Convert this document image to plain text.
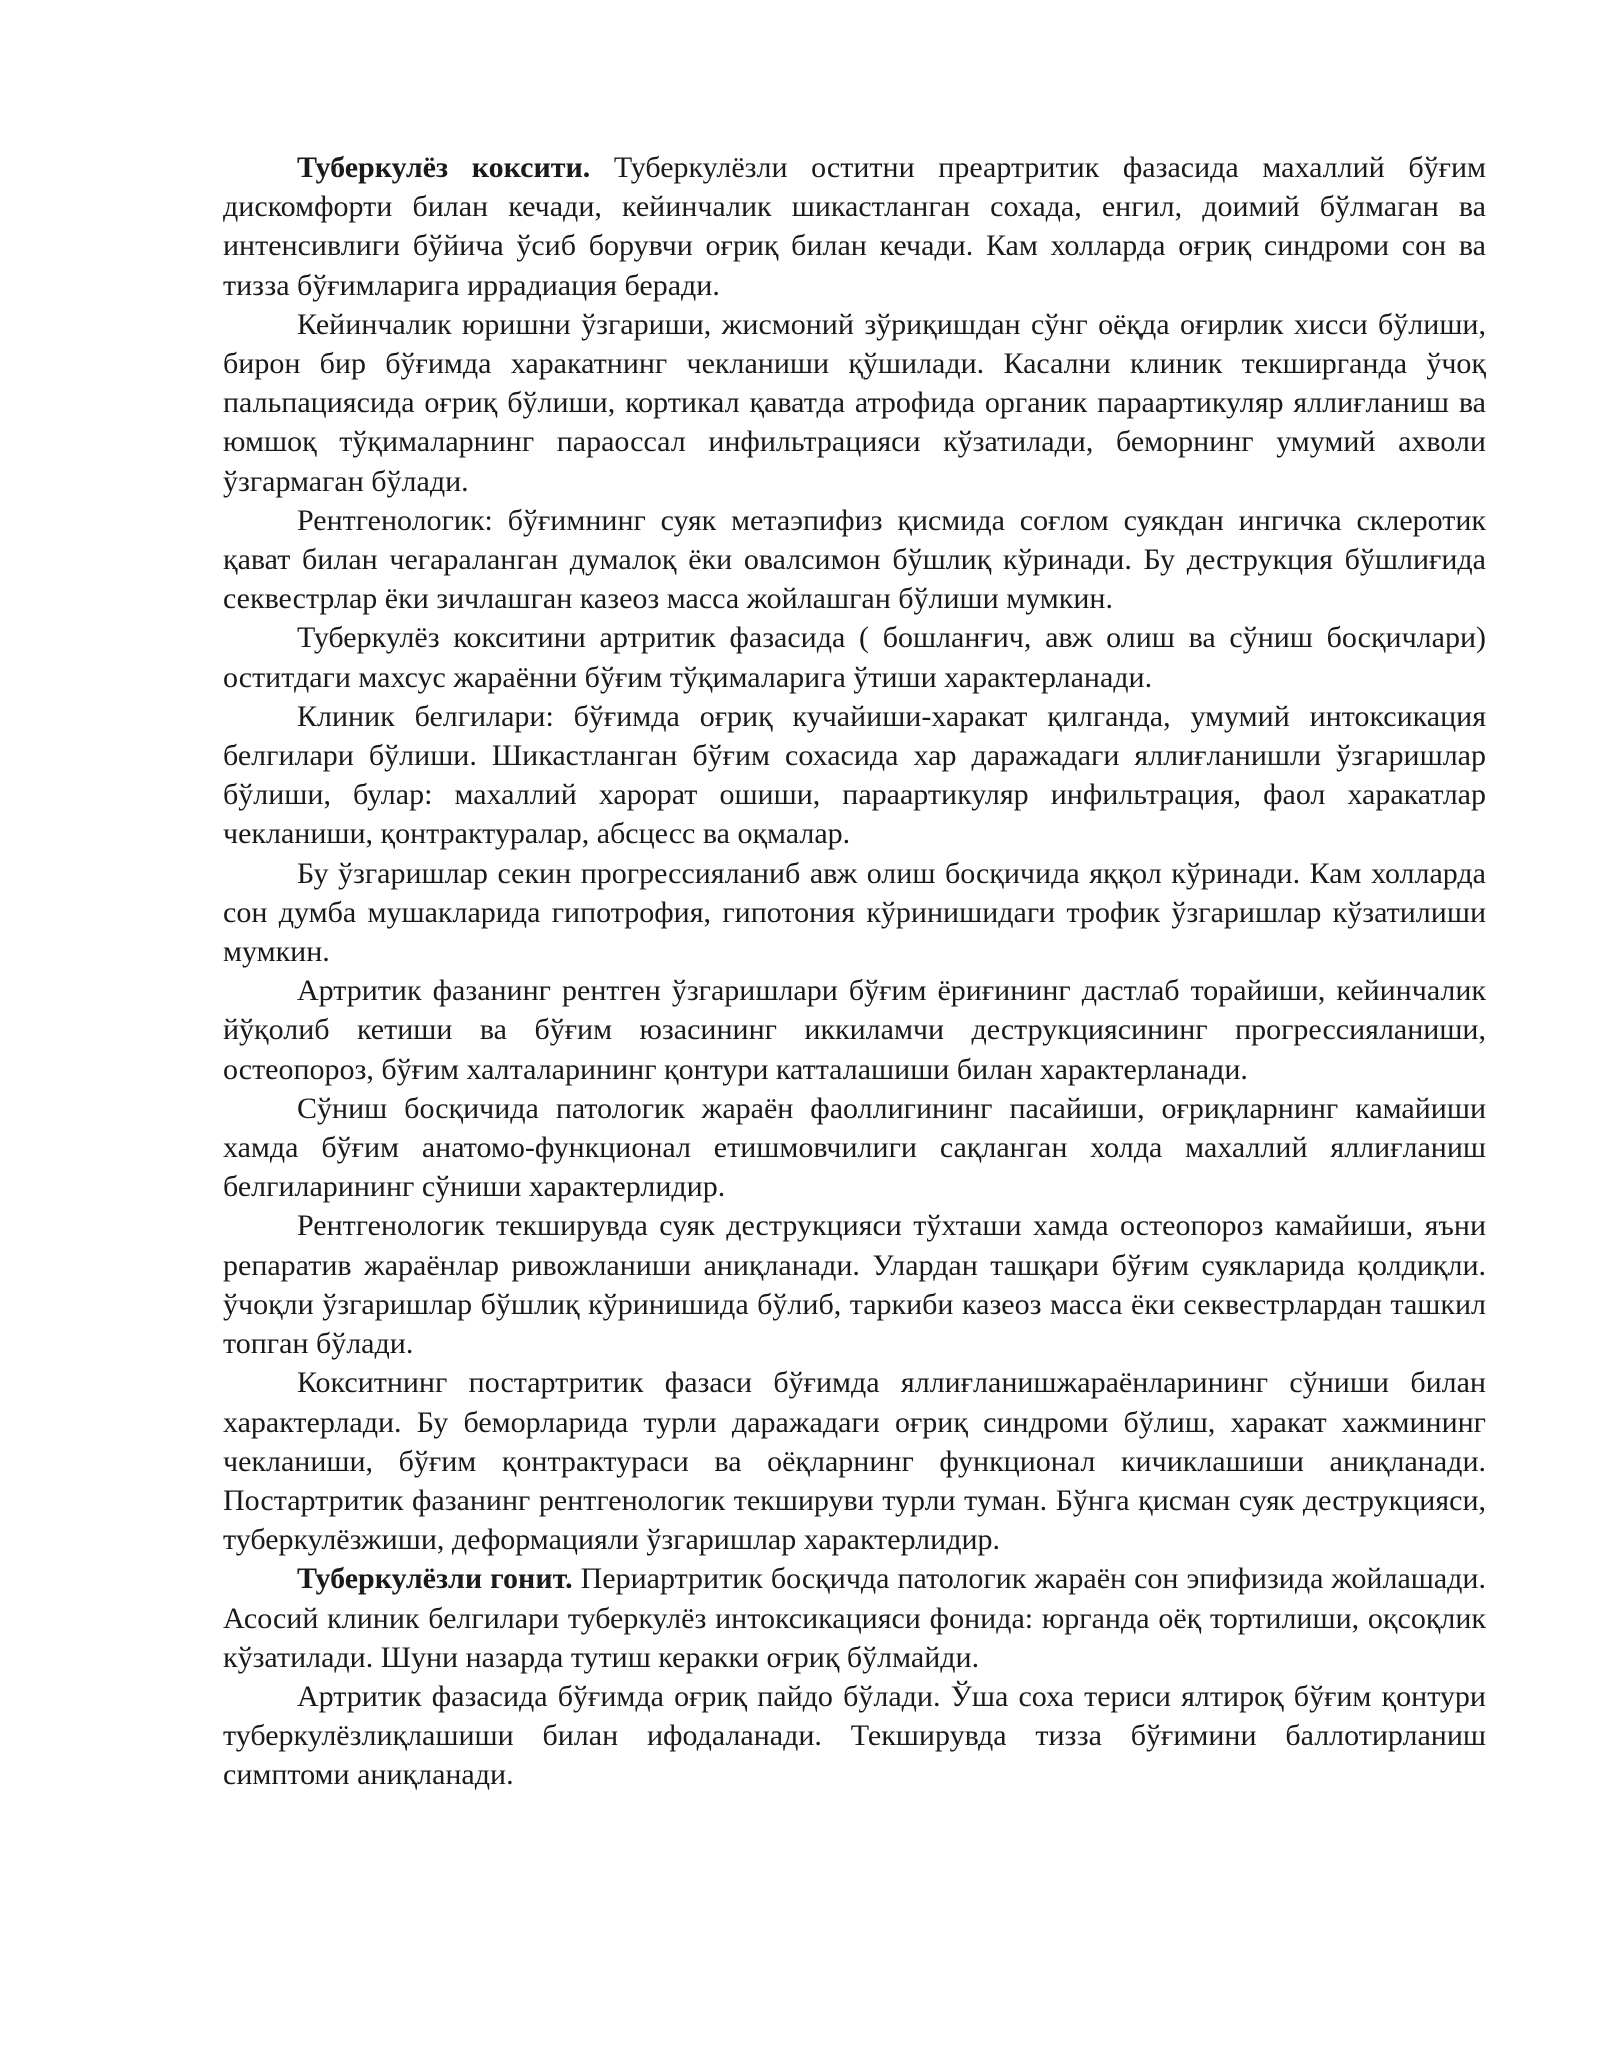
Туберкулёз коксити. Туберкулёзли оститни преартритик фазасида махаллий бўғим дискомфорти билан кечади, кейинчалик шикастланган сохада, енгил, доимий бўлмаган ва интенсивлиги бўйича ўсиб борувчи оғриқ билан кечади. Кам холларда оғриқ синдроми сон ва тизза бўғимларига иррадиация беради.

Кейинчалик юришни ўзгариши, жисмоний зўриқишдан сўнг оёқда оғирлик хисси бўлиши, бирон бир бўғимда харакатнинг чекланиши қўшилади. Касални клиник текширганда ўчоқ пальпациясида оғриқ бўлиши, кортикал қаватда атрофида органик параартикуляр яллиғланиш ва юмшоқ тўқималарнинг параоссал инфильтрацияси кўзатилади, беморнинг умумий ахволи ўзгармаган бўлади.

Рентгенологик: бўғимнинг суяк метаэпифиз қисмида соғлом суякдан ингичка склеротик қават билан чегараланган думалоқ ёки овалсимон бўшлиқ кўринади. Бу деструкция бўшлиғида секвестрлар ёки зичлашган казеоз масса жойлашган бўлиши мумкин.

Туберкулёз кокситини артритик фазасида ( бошланғич, авж олиш ва сўниш босқичлари) оститдаги махсус жараённи бўғим тўқималарига ўтиши характерланади.

Клиник белгилари: бўғимда оғриқ кучайиши-харакат қилганда, умумий интоксикация белгилари бўлиши. Шикастланган бўғим сохасида хар даражадаги яллиғланишли ўзгаришлар бўлиши, булар: махаллий харорат ошиши, параартикуляр инфильтрация, фаол харакатлар чекланиши, қонтрактуралар, абсцесс ва оқмалар.

Бу ўзгаришлар секин прогрессияланиб авж олиш босқичида яққол кўринади. Кам холларда сон думба мушакларида гипотрофия, гипотония кўринишидаги трофик ўзгаришлар кўзатилиши мумкин.

Артритик фазанинг рентген ўзгаришлари бўғим ёриғининг дастлаб торайиши, кейинчалик йўқолиб кетиши ва бўғим юзасининг иккиламчи деструкциясининг прогрессияланиши, остеопороз, бўғим халталарининг қонтури катталашиши билан характерланади.

Сўниш босқичида патологик жараён фаоллигининг пасайиши, оғриқларнинг камайиши хамда бўғим анатомо-функционал етишмовчилиги сақланган холда махаллий яллиғланиш белгиларининг сўниши характерлидир.

Рентгенологик текширувда суяк деструкцияси тўхташи хамда остеопороз камайиши, яъни репаратив жараёнлар ривожланиши аниқланади. Улардан ташқари бўғим суякларида қолдиқли. ўчоқли ўзгаришлар бўшлиқ кўринишида бўлиб, таркиби казеоз масса ёки секвестрлардан ташкил топган бўлади.

Кокситнинг постартритик фазаси бўғимда яллиғланишжараёнларининг сўниши билан характерлади. Бу беморларида турли даражадаги оғриқ синдроми бўлиш, харакат хажмининг чекланиши, бўғим қонтрактураси ва оёқларнинг функционал кичиклашиши аниқланади. Постартритик фазанинг рентгенологик текшируви турли туман. Бўнга қисман суяк деструкцияси, туберкулёзжиши, деформацияли ўзгаришлар характерлидир.

Туберкулёзли гонит. Периартритик босқичда патологик жараён сон эпифизида жойлашади. Асосий клиник белгилари туберкулёз интоксикацияси фонида: юрганда оёқ тортилиши, оқсоқлик кўзатилади. Шуни назарда тутиш керакки оғриқ бўлмайди.

Артритик фазасида бўғимда оғриқ пайдо бўлади. Ўша соха териси ялтироқ бўғим қонтури туберкулёзлиқлашиши билан ифодаланади. Текширувда тизза бўғимини баллотирланиш симптоми аниқланади.
